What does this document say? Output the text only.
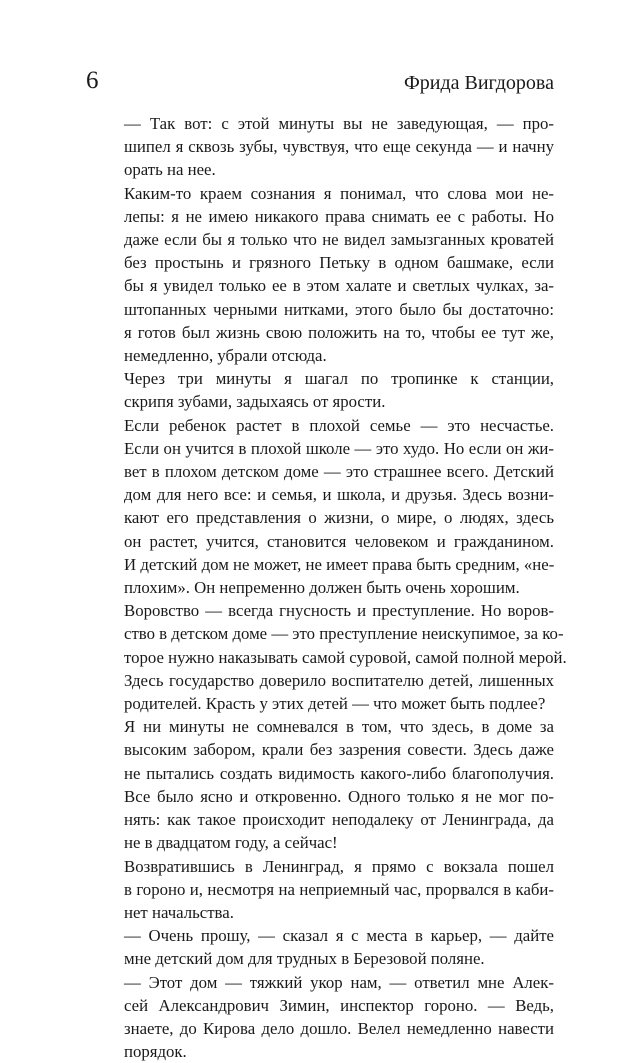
6	Фрида Вигдорова

— Так вот: с этой минуты вы не заведующая, — про-
шипел я сквозь зубы, чувствуя, что еще секунда — и начну
орать на нее.

Каким-то краем сознания я понимал, что слова мои не-
лепы: я не имею никакого права снимать ее с работы. Но
даже если бы я только что не видел замызганных кроватей
без простынь и грязного Петьку в одном башмаке, если
бы я увидел только ее в этом халате и светлых чулках, за-
штопанных черными нитками, этого было бы достаточно:
я готов был жизнь свою положить на то, чтобы ее тут же,
немедленно, убрали отсюда.

Через три минуты я шагал по тропинке к станции,
скрипя зубами, задыхаясь от ярости.

Если ребенок растет в плохой семье — это несчастье.
Если он учится в плохой школе — это худо. Но если он жи-
вет в плохом детском доме — это страшнее всего. Детский
дом для него все: и семья, и школа, и друзья. Здесь возни-
кают его представления о жизни, о мире, о людях, здесь
он растет, учится, становится человеком и гражданином.
И детский дом не может, не имеет права быть средним, «не-
плохим». Он непременно должен быть очень хорошим.

Воровство — всегда гнусность и преступление. Но воров-
ство в детском доме — это преступление неискупимое, за ко-
торое нужно наказывать самой суровой, самой полной мерой.
Здесь государство доверило воспитателю детей, лишенных
родителей. Красть у этих детей — что может быть подлее?

Я ни минуты не сомневался в том, что здесь, в доме за
высоким забором, крали без зазрения совести. Здесь даже
не пытались создать видимость какого-либо благополучия.
Все было ясно и откровенно. Одного только я не мог по-
нять: как такое происходит неподалеку от Ленинграда, да
не в двадцатом году, а сейчас!

Возвратившись в Ленинград, я прямо с вокзала пошел
в гороно и, несмотря на неприемный час, прорвался в каби-
нет начальства.

— Очень прошу, — сказал я с места в карьер, — дайте
мне детский дом для трудных в Березовой поляне.

— Этот дом — тяжкий укор нам, — ответил мне Алек-
сей Александрович Зимин, инспектор гороно. — Ведь,
знаете, до Кирова дело дошло. Велел немедленно навести
порядок.
